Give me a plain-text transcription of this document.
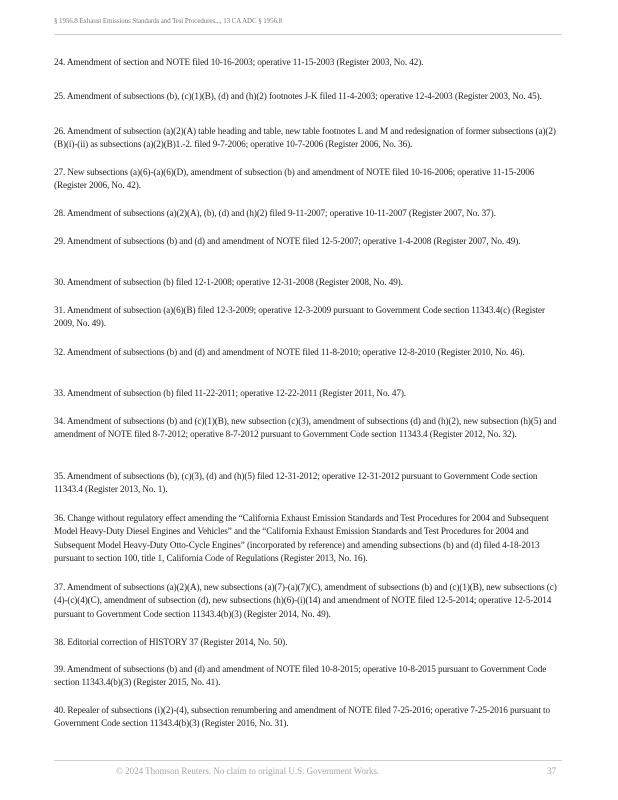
§ 1956.8 Exhaust Emissions Standards and Test Procedures..., 13 CA ADC § 1956.8

24. Amendment of section and NOTE filed 10-16-2003; operative 11-15-2003 (Register 2003, No. 42).

25. Amendment of subsections (b), (c)(1)(B), (d) and (h)(2) footnotes J-K filed 11-4-2003; operative 12-4-2003 (Register 2003, No. 45).

26. Amendment of subsection (a)(2)(A) table heading and table, new table footnotes L and M and redesignation of former subsections (a)(2)(B)(i)-(ii) as subsections (a)(2)(B)1.-2. filed 9-7-2006; operative 10-7-2006 (Register 2006, No. 36).

27. New subsections (a)(6)-(a)(6)(D), amendment of subsection (b) and amendment of NOTE filed 10-16-2006; operative 11-15-2006 (Register 2006, No. 42).

28. Amendment of subsections (a)(2)(A), (b), (d) and (h)(2) filed 9-11-2007; operative 10-11-2007 (Register 2007, No. 37).

29. Amendment of subsections (b) and (d) and amendment of NOTE filed 12-5-2007; operative 1-4-2008 (Register 2007, No. 49).

30. Amendment of subsection (b) filed 12-1-2008; operative 12-31-2008 (Register 2008, No. 49).

31. Amendment of subsection (a)(6)(B) filed 12-3-2009; operative 12-3-2009 pursuant to Government Code section 11343.4(c) (Register 2009, No. 49).

32. Amendment of subsections (b) and (d) and amendment of NOTE filed 11-8-2010; operative 12-8-2010 (Register 2010, No. 46).

33. Amendment of subsection (b) filed 11-22-2011; operative 12-22-2011 (Register 2011, No. 47).

34. Amendment of subsections (b) and (c)(1)(B), new subsection (c)(3), amendment of subsections (d) and (h)(2), new subsection (h)(5) and amendment of NOTE filed 8-7-2012; operative 8-7-2012 pursuant to Government Code section 11343.4 (Register 2012, No. 32).

35. Amendment of subsections (b), (c)(3), (d) and (h)(5) filed 12-31-2012; operative 12-31-2012 pursuant to Government Code section 11343.4 (Register 2013, No. 1).

36. Change without regulatory effect amending the “California Exhaust Emission Standards and Test Procedures for 2004 and Subsequent Model Heavy-Duty Diesel Engines and Vehicles” and the “California Exhaust Emission Standards and Test Procedures for 2004 and Subsequent Model Heavy-Duty Otto-Cycle Engines” (incorporated by reference) and amending subsections (b) and (d) filed 4-18-2013 pursuant to section 100, title 1, California Code of Regulations (Register 2013, No. 16).

37. Amendment of subsections (a)(2)(A), new subsections (a)(7)-(a)(7)(C), amendment of subsections (b) and (c)(1)(B), new subsections (c)(4)-(c)(4)(C), amendment of subsection (d), new subsections (h)(6)-(i)(14) and amendment of NOTE filed 12-5-2014; operative 12-5-2014 pursuant to Government Code section 11343.4(b)(3) (Register 2014, No. 49).

38. Editorial correction of HISTORY 37 (Register 2014, No. 50).

39. Amendment of subsections (b) and (d) and amendment of NOTE filed 10-8-2015; operative 10-8-2015 pursuant to Government Code section 11343.4(b)(3) (Register 2015, No. 41).

40. Repealer of subsections (i)(2)-(4), subsection renumbering and amendment of NOTE filed 7-25-2016; operative 7-25-2016 pursuant to Government Code section 11343.4(b)(3) (Register 2016, No. 31).

© 2024 Thomson Reuters. No claim to original U.S. Government Works.	37
